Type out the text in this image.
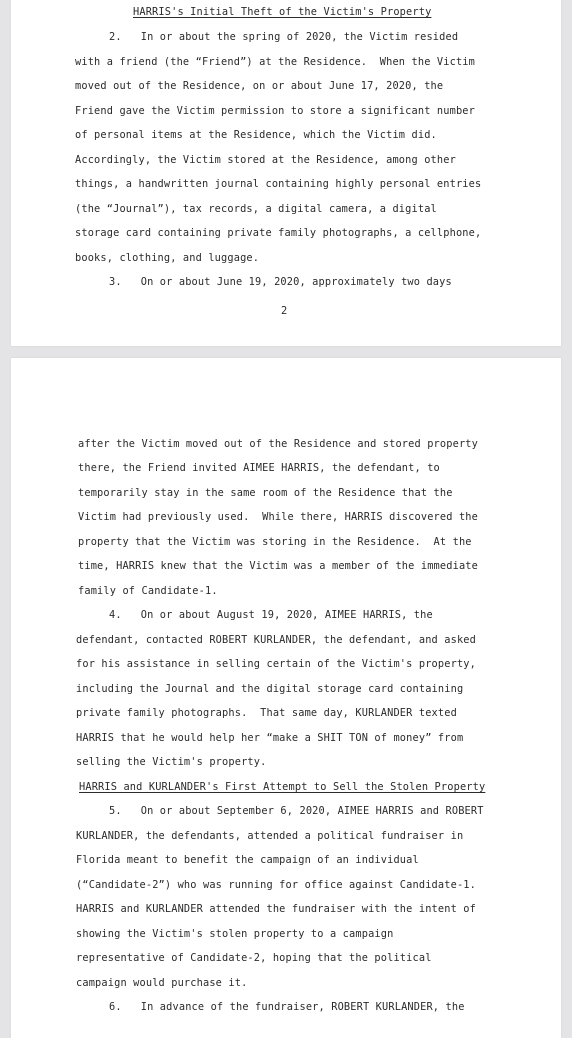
HARRIS's Initial Theft of the Victim's Property
2.   In or about the spring of 2020, the Victim resided
with a friend (the “Friend”) at the Residence.  When the Victim
moved out of the Residence, on or about June 17, 2020, the
Friend gave the Victim permission to store a significant number
of personal items at the Residence, which the Victim did.
Accordingly, the Victim stored at the Residence, among other
things, a handwritten journal containing highly personal entries
(the “Journal”), tax records, a digital camera, a digital
storage card containing private family photographs, a cellphone,
books, clothing, and luggage.
3.   On or about June 19, 2020, approximately two days
2
after the Victim moved out of the Residence and stored property
there, the Friend invited AIMEE HARRIS, the defendant, to
temporarily stay in the same room of the Residence that the
Victim had previously used.  While there, HARRIS discovered the
property that the Victim was storing in the Residence.  At the
time, HARRIS knew that the Victim was a member of the immediate
family of Candidate-1.
4.   On or about August 19, 2020, AIMEE HARRIS, the
defendant, contacted ROBERT KURLANDER, the defendant, and asked
for his assistance in selling certain of the Victim's property,
including the Journal and the digital storage card containing
private family photographs.  That same day, KURLANDER texted
HARRIS that he would help her “make a SHIT TON of money” from
selling the Victim's property.
HARRIS and KURLANDER's First Attempt to Sell the Stolen Property
5.   On or about September 6, 2020, AIMEE HARRIS and ROBERT
KURLANDER, the defendants, attended a political fundraiser in
Florida meant to benefit the campaign of an individual
(“Candidate-2”) who was running for office against Candidate-1.
HARRIS and KURLANDER attended the fundraiser with the intent of
showing the Victim's stolen property to a campaign
representative of Candidate-2, hoping that the political
campaign would purchase it.
6.   In advance of the fundraiser, ROBERT KURLANDER, the
